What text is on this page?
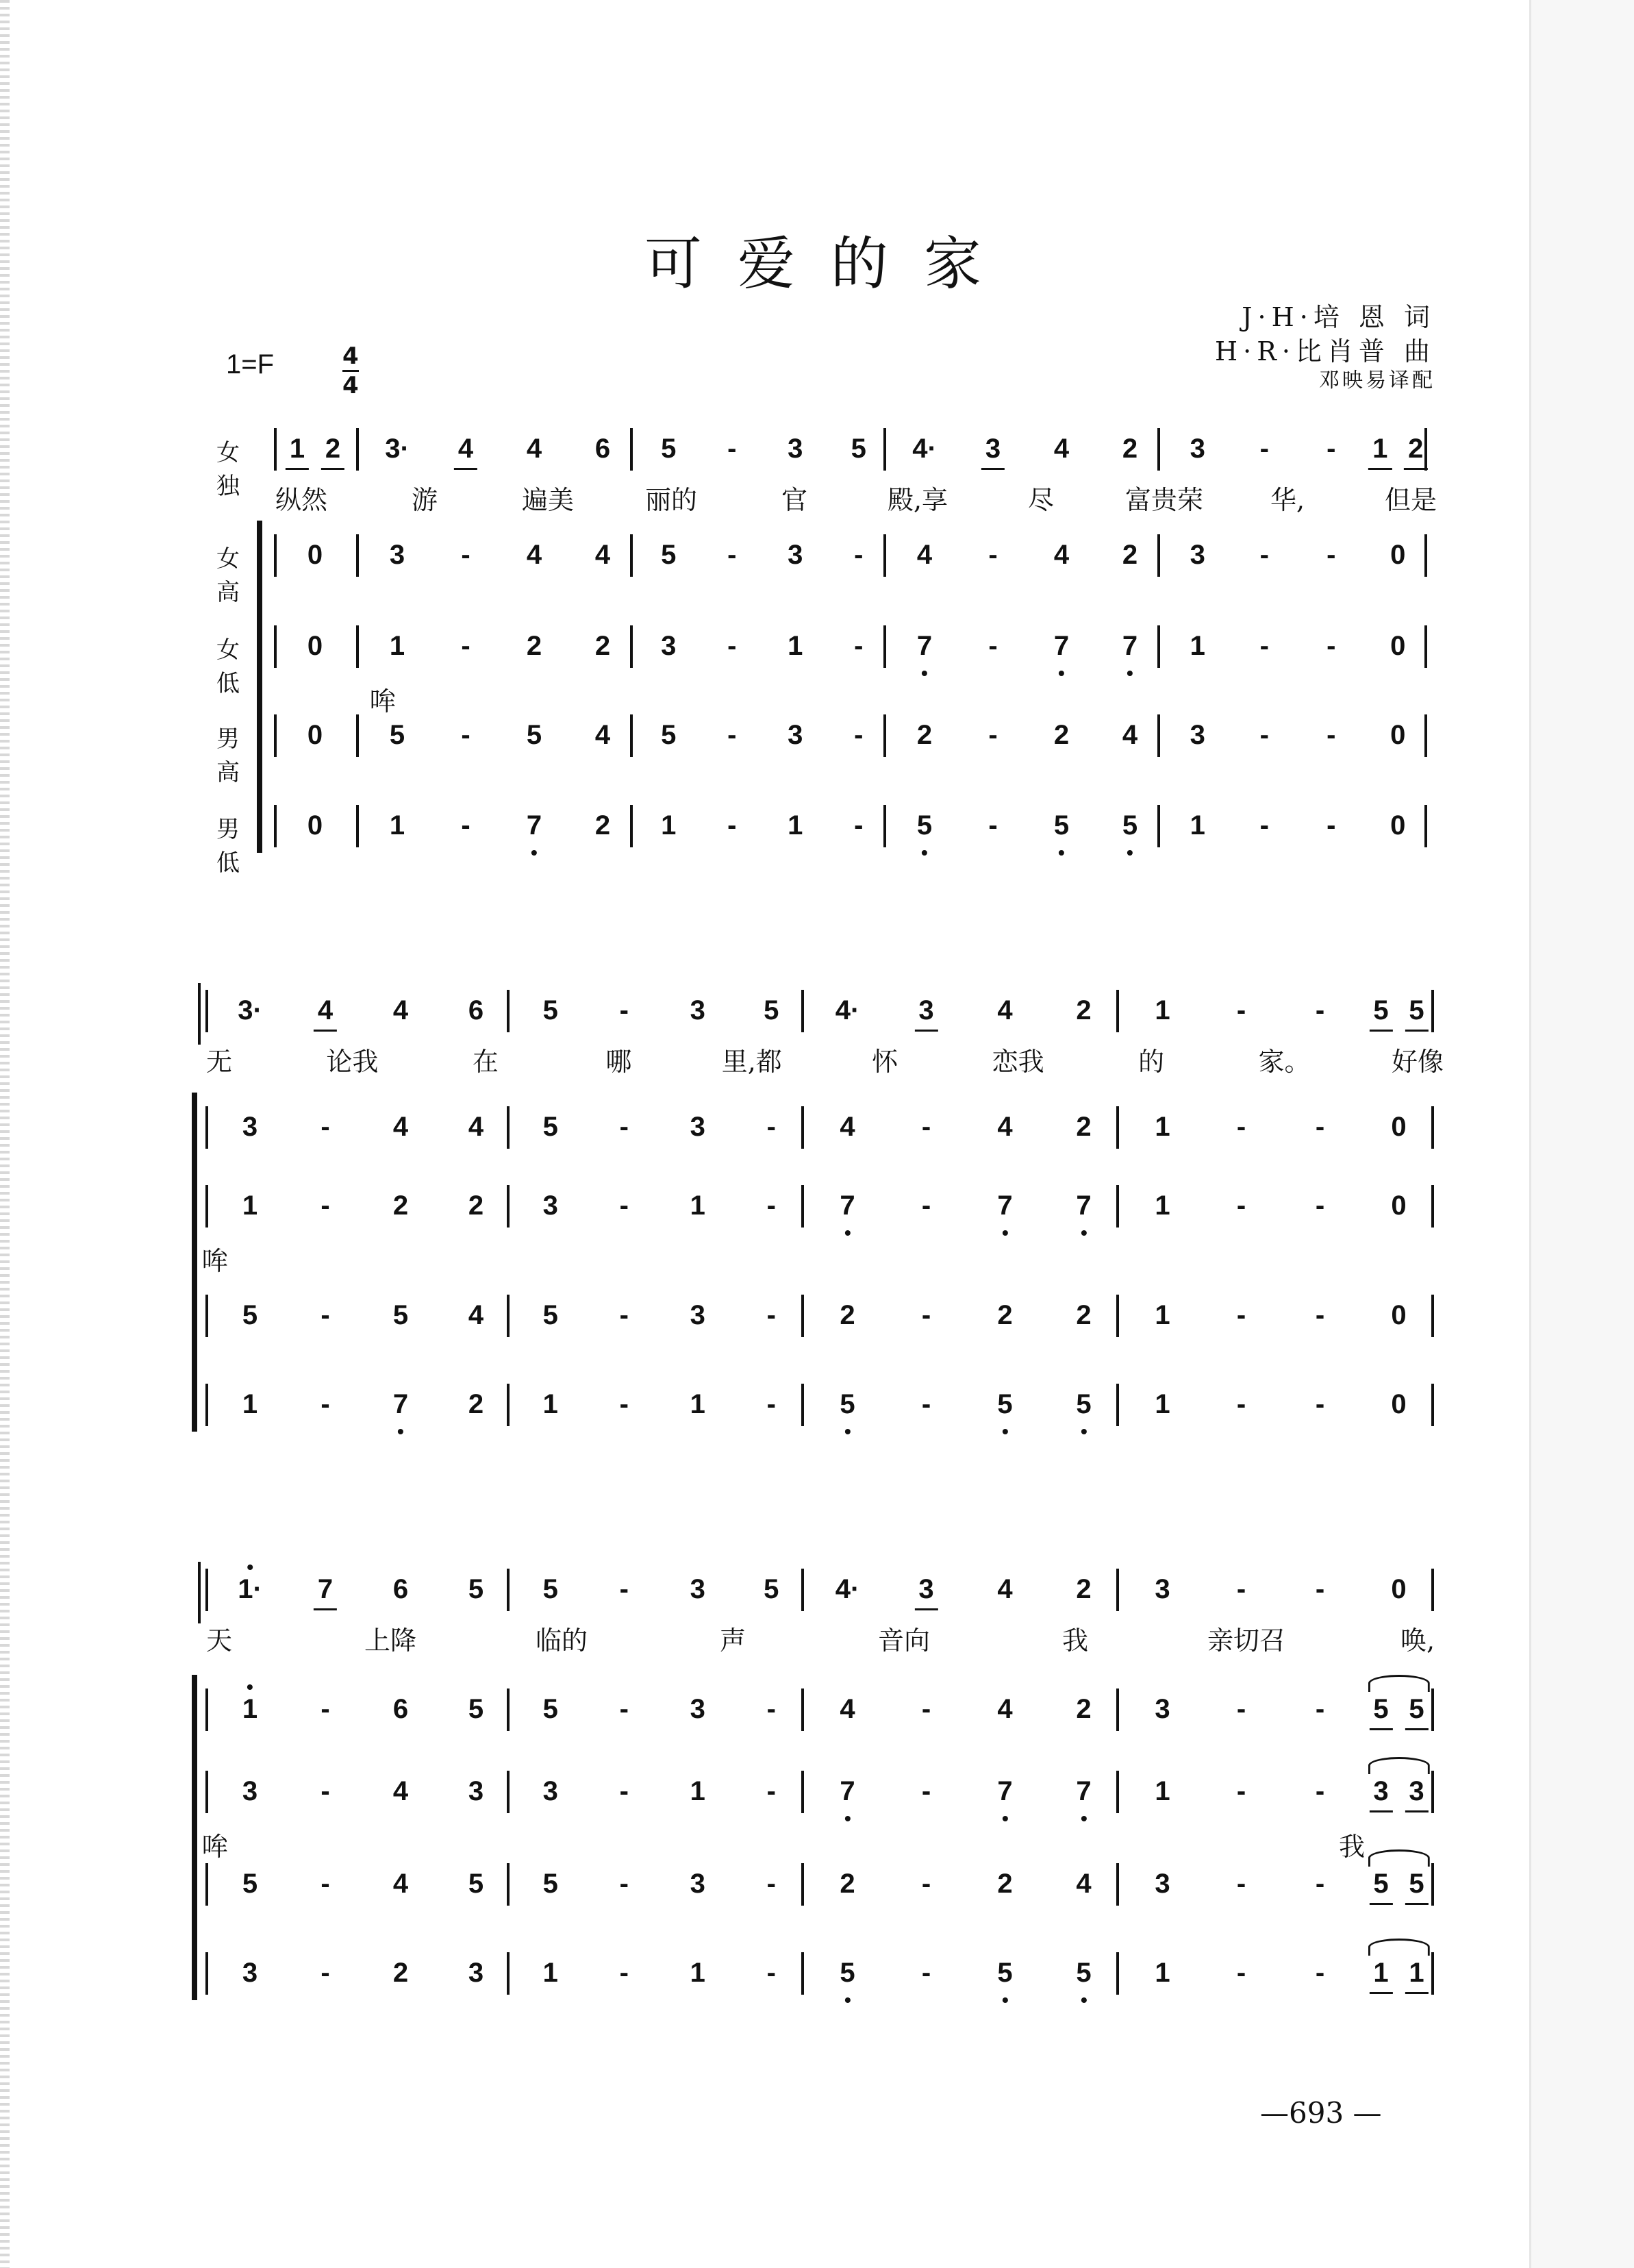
可爱的家
J·H·培 恩 词
H·R·比肖普 曲
邓映易译配
1=F	$\frac{4}{4}$
女独
1 2 3· 4 4 6 5 - 3 5 4· 3 4 2 3 - - 1 2
纵然	游	遍美	丽的	官	殿,享	尽	富贵荣	华,	但是
女高
0 3 - 4 4 5 - 3 - 4 - 4 2 3 - - 0
女低
0 1 - 2 2 3 - 1 - 7 - 7 7 1 - - 0
男高
0 5 - 5 4 5 - 3 - 2 - 2 4 3 - - 0
男低
0 1 - 7 2 1 - 1 - 5 - 5 5 1 - - 0
哞
3· 4 4 6 5 - 3 5 4· 3 4 2 1 -	- 5 5
无	论我	在	哪	里,都	怀	恋我	的	家。	好像
3 - 4 4 5 - 3 - 4 - 4 2 1 -	- 0
1 - 2 2 3 - 1 - 7 - 7 7 1 -	- 0
5 - 5 4 5 - 3 - 2 - 2 2 1 -	- 0
1 - 7 2 1 - 1 - 5 - 5 5 1 -	- 0
哞
1· 7 6 5 5 - 3 5 4· 3 4 2 3 -	- 0
天	上降	临的	声	音向	我	亲切召	唤,
1 - 6 5 5 - 3 - 4 - 4 2 3 -	- 5 5
3 - 4 3 3 - 1 - 7 - 7 7 1 -	- 3 3
5 - 4 5 5 - 3 - 2 - 2 4 3 -	- 5 5
3 - 2 3 1 - 1 - 5 - 5 5 1 -	- 1 1
哞	我
—693 —
